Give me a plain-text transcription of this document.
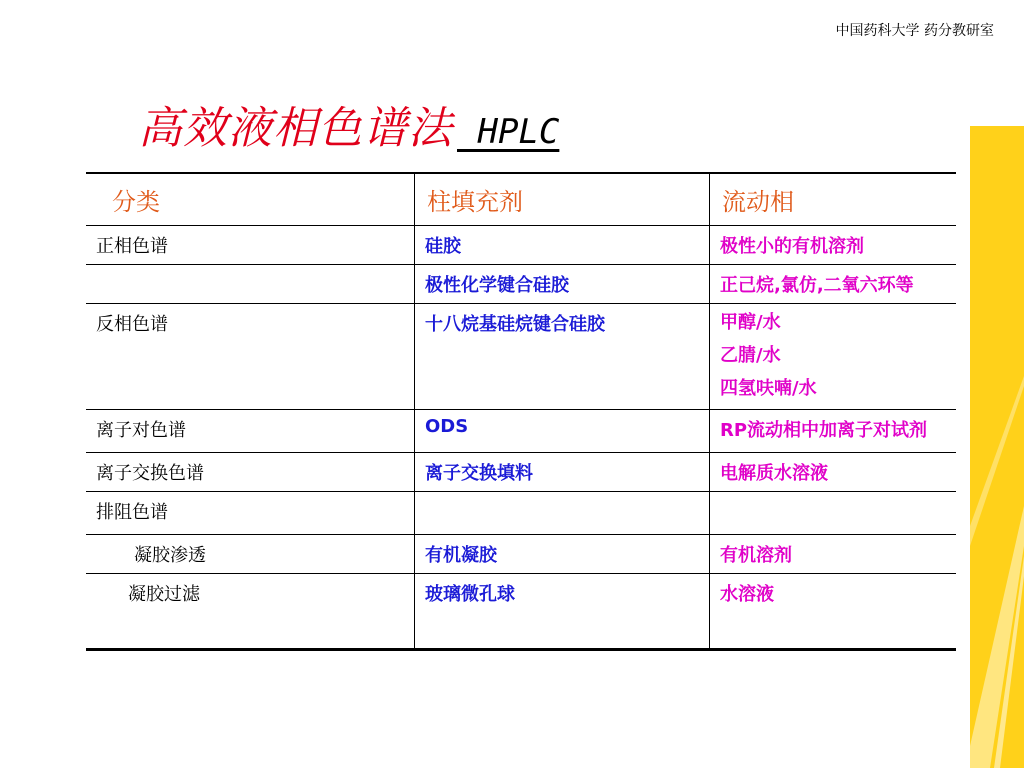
中国药科大学 药分教研室
高效液相色谱法 HPLC
分类	柱填充剂	流动相
正相色谱	硅胶	极性小的有机溶剂
	极性化学键合硅胶	正己烷,氯仿,二氧六环等
反相色谱	十八烷基硅烷键合硅胶	甲醇/水
乙腈/水
四氢呋喃/水

离子对色谱	ODS	RP流动相中加离子对试剂
离子交换色谱	离子交换填料	电解质水溶液
排阻色谱		
凝胶渗透	有机凝胶	有机溶剂
凝胶过滤	玻璃微孔球	水溶液
